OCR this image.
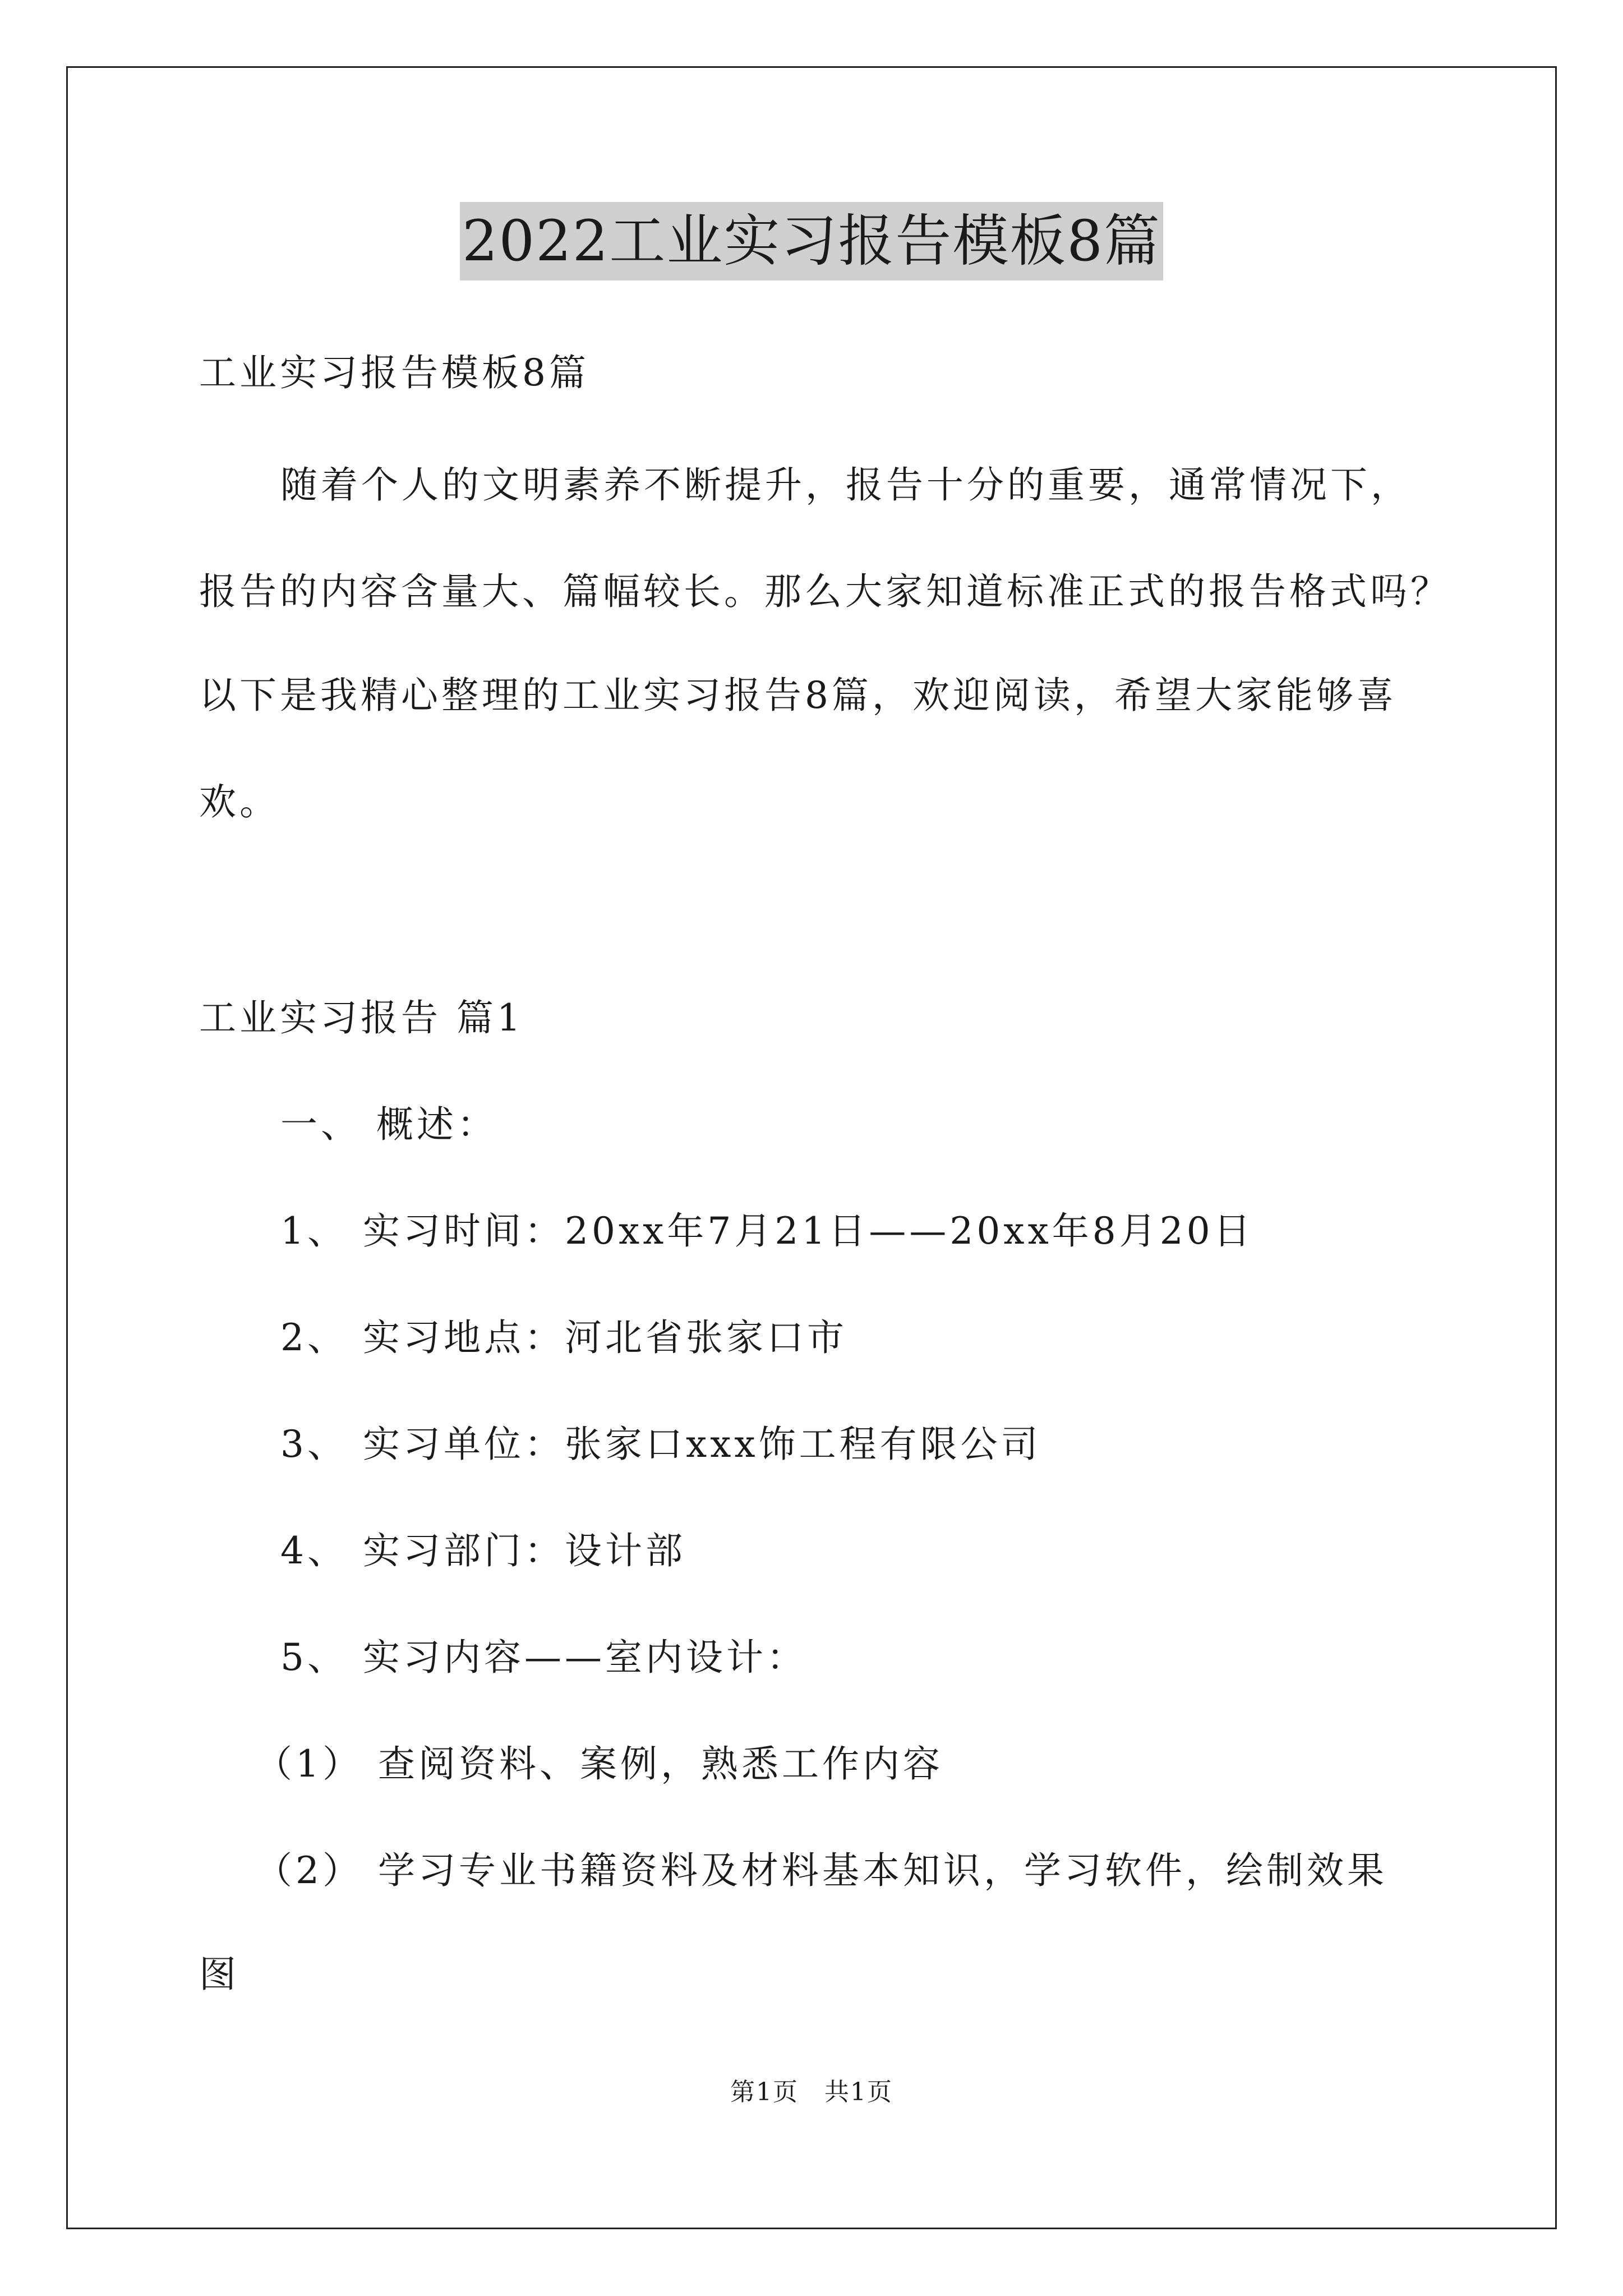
2022工业实习报告模板8篇
工业实习报告模板8篇
随着个人的文明素养不断提升，报告十分的重要，通常情况下，
报告的内容含量大、篇幅较长。那么大家知道标准正式的报告格式吗？
以下是我精心整理的工业实习报告8篇，欢迎阅读，希望大家能够喜
欢。
工业实习报告 篇1
一、 概述：
1、 实习时间：20xx年7月21日——20xx年8月20日
2、 实习地点：河北省张家口市
3、 实习单位：张家口xxx饰工程有限公司
4、 实习部门：设计部
5、 实习内容——室内设计：
（1） 查阅资料、案例，熟悉工作内容
（2） 学习专业书籍资料及材料基本知识，学习软件，绘制效果
图
第1页　共1页
